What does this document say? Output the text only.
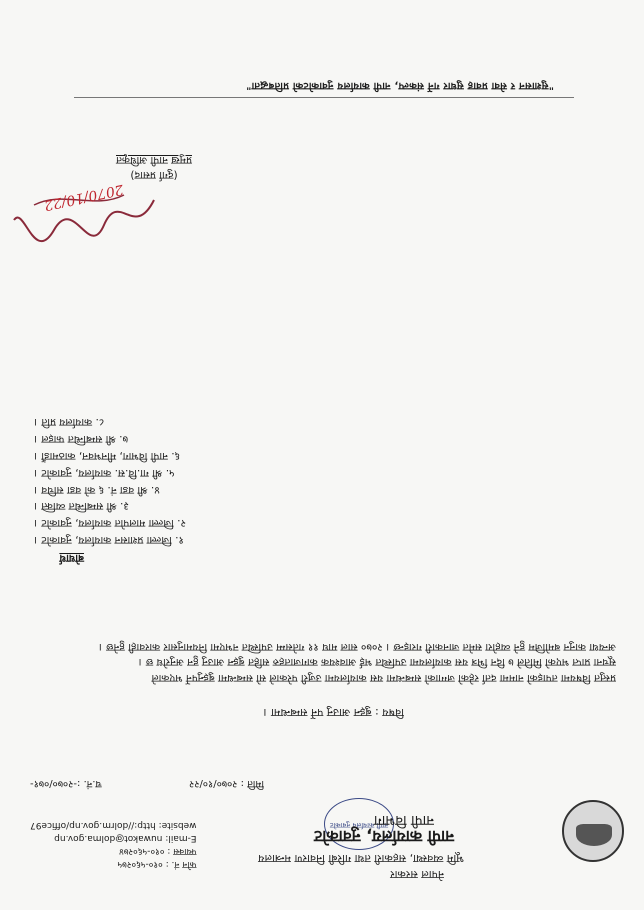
नापी कार्यालय नुवाकोट
नेपाल सरकार
भूमि व्यवस्था, सहकारी तथा गरिबी निवारण मन्त्रालय
नापी कार्यालय, नुवाकोट
नापी विभाग
फोन नं. : ०१०-५६०२७५
फ्याक्स : ०१०-५६०२७४
E-mail: nuwakot@dolma.gov.np
website: http://dolrm.gov.np/office97
च.नं. :-२०७०/०७१-	मिति : २०७०/१०/२२
विषय : बुझ्न आउनु पर्ने सम्बन्धमा ।
प्रस्तुत विषयमा तपाइको नाममा दर्ता रहेको जग्गाको सम्बन्धमा यस कार्यालयमा उजुरी परेकाले सो सम्बन्धमा बुझ्नुपर्ने भएकाले
सूचना प्राप्त भएको मितिले ७ दिन भित्र यस कार्यालयमा उपस्थित भई आवश्यक कागजातहरु सहित बुझ्न आउनु हुन अनुरोध छ ।
अन्यथा कानुन बमोजिम हुने व्यहोरा समेत जानकारी गराइन्छ । २०७० साल माघ ११ गतेसम्म उपस्थित नभएमा नियमानुसार कारवाही हुनेछ ।
बोधार्थ
१. जिल्ला प्रशासन कार्यालय, नुवाकोट ।
२. जिल्ला मालपोत कार्यालय, नुवाकोट ।
३. श्री सम्बन्धित व्यक्ति ।
४. श्री वडा नं. ६ को वडा सचिव ।
५. श्री गा.वि.स. कार्यालय, नुवाकोट ।
६. नापी विभाग, मीनभवन, काठमाडौं ।
७. श्री सम्बन्धित फाइल ।
८. कार्यालय प्रति ।
2070/10/22
(दुर्गा प्रसाद)
प्रमुख नापी अधिकृत
"सुशासन र सेवा प्रवाह सुधार गर्ने संकल्प, नापी कार्यालय नुवाकोटको प्रतिबद्धता"
